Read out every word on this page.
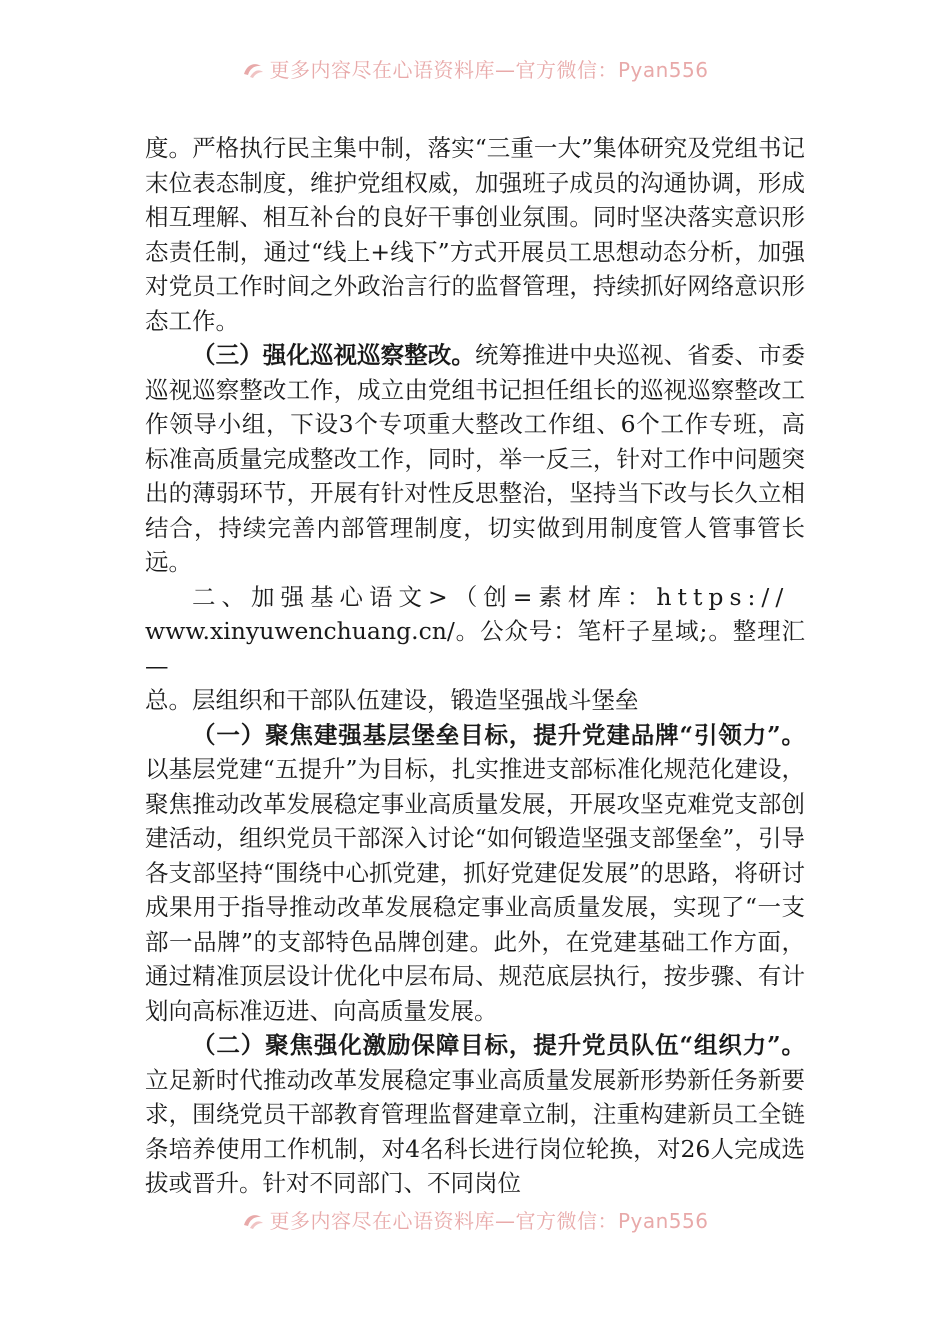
更多内容尽在心语资料库—官方微信：Pyan556

度。严格执行民主集中制，落实“三重一大”集体研究及党组书记末位表态制度，维护党组权威，加强班子成员的沟通协调，形成相互理解、相互补台的良好干事创业氛围。同时坚决落实意识形态责任制，通过“线上+线下”方式开展员工思想动态分析，加强对党员工作时间之外政治言行的监督管理，持续抓好网络意识形态工作。

（三）强化巡视巡察整改。统筹推进中央巡视、省委、市委巡视巡察整改工作，成立由党组书记担任组长的巡视巡察整改工作领导小组，下设3个专项重大整改工作组、6个工作专班，高标准高质量完成整改工作，同时，举一反三，针对工作中问题突出的薄弱环节，开展有针对性反思整治，坚持当下改与长久立相结合，持续完善内部管理制度，切实做到用制度管人管事管长远。

二、加强基心语文>（创=素材库：https://

www.xinyuwenchuang.cn/。公众号：笔杆子星域;。整理汇—

总。层组织和干部队伍建设，锻造坚强战斗堡垒

（一）聚焦建强基层堡垒目标，提升党建品牌“引领力”。以基层党建“五提升”为目标，扎实推进支部标准化规范化建设，聚焦推动改革发展稳定事业高质量发展，开展攻坚克难党支部创建活动，组织党员干部深入讨论“如何锻造坚强支部堡垒”，引导各支部坚持“围绕中心抓党建，抓好党建促发展”的思路，将研讨成果用于指导推动改革发展稳定事业高质量发展，实现了“一支部一品牌”的支部特色品牌创建。此外，在党建基础工作方面，通过精准顶层设计优化中层布局、规范底层执行，按步骤、有计划向高标准迈进、向高质量发展。

（二）聚焦强化激励保障目标，提升党员队伍“组织力”。立足新时代推动改革发展稳定事业高质量发展新形势新任务新要求，围绕党员干部教育管理监督建章立制，注重构建新员工全链条培养使用工作机制，对4名科长进行岗位轮换，对26人完成选拔或晋升。针对不同部门、不同岗位

更多内容尽在心语资料库—官方微信：Pyan556
